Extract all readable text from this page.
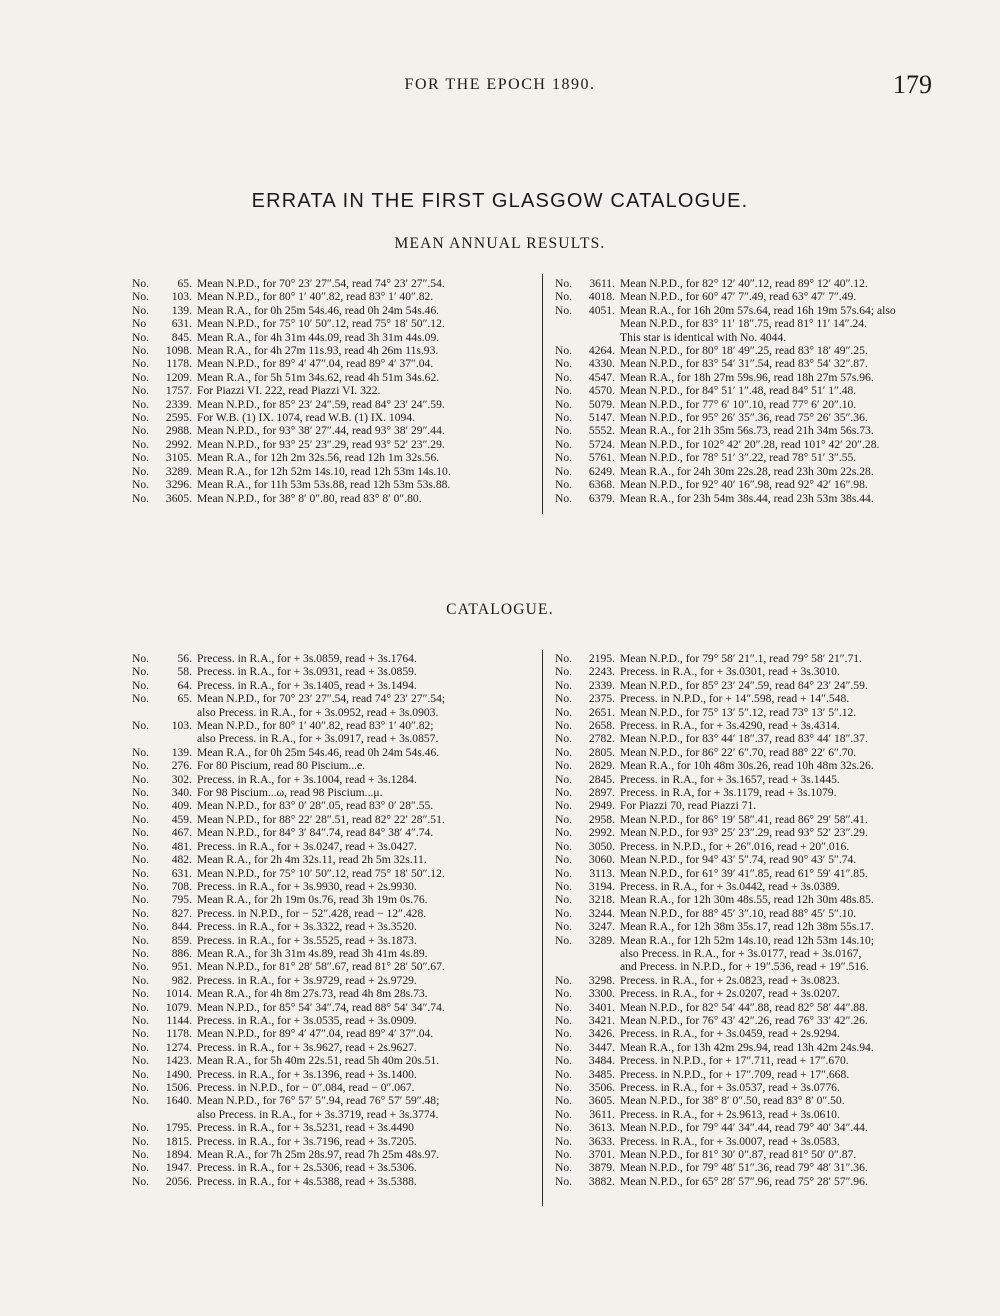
FOR THE EPOCH 1890.	179
ERRATA IN THE FIRST GLASGOW CATALOGUE.
MEAN ANNUAL RESULTS.
No.	65. Mean N.P.D., for 70° 23′ 27″.54, read 74° 23′ 27″.54.
No.	103. Mean N.P.D., for 80° 1′ 40″.82, read 83° 1′ 40″.82.
No.	139. Mean R.A., for 0h 25m 54s.46, read 0h 24m 54s.46.
No	631. Mean N.P.D., for 75° 10′ 50″.12, read 75° 18′ 50″.12.
No.	845. Mean R.A., for 4h 31m 44s.09, read 3h 31m 44s.09.
No.	1098. Mean R.A., for 4h 27m 11s.93, read 4h 26m 11s.93.
No.	1178. Mean N.P.D., for 89° 4′ 47″.04, read 89° 4′ 37″.04.
No.	1209. Mean R.A., for 5h 51m 34s.62, read 4h 51m 34s.62.
No.	1757. For Piazzi VI. 222, read Piazzi VI. 322.
No.	2339. Mean N.P.D., for 85° 23′ 24″.59, read 84° 23′ 24″.59.
No.	2595. For W.B. (1) IX. 1074, read W.B. (1) IX. 1094.
No.	2988. Mean N.P.D., for 93° 38′ 27″.44, read 93° 38′ 29″.44.
No.	2992. Mean N.P.D., for 93° 25′ 23″.29, read 93° 52′ 23″.29.
No.	3105. Mean R.A., for 12h 2m 32s.56, read 12h 1m 32s.56.
No.	3289. Mean R.A., for 12h 52m 14s.10, read 12h 53m 14s.10.
No.	3296. Mean R.A., for 11h 53m 53s.88, read 12h 53m 53s.88.
No.	3605. Mean N.P.D., for 38° 8′ 0″.80, read 83° 8′ 0″.80.
No.	3611. Mean N.P.D., for 82° 12′ 40″.12, read 89° 12′ 40″.12.
No.	4018. Mean N.P.D., for 60° 47′ 7″.49, read 63° 47′ 7″.49.
No.	4051. Mean R.A., for 16h 20m 57s.64, read 16h 19m 57s.64; also
Mean N.P.D., for 83° 11′ 18″.75, read 81° 11′ 14″.24.
This star is identical with No. 4044.
No.	4264. Mean N.P.D., for 80° 18′ 49″.25, read 83° 18′ 49″.25.
No.	4330. Mean N.P.D., for 83° 54′ 31″.54, read 83° 54′ 32″.87.
No.	4547. Mean R.A., for 18h 27m 59s.96, read 18h 27m 57s.96.
No.	4570. Mean N.P.D., for 84° 51′ 1″.48, read 84° 51′ 1″.48.
No.	5079. Mean N.P.D., for 77° 6′ 10″.10, read 77° 6′ 20″.10.
No.	5147. Mean N.P.D., for 95° 26′ 35″.36, read 75° 26′ 35″.36.
No.	5552. Mean R.A., for 21h 35m 56s.73, read 21h 34m 56s.73.
No.	5724. Mean N.P.D., for 102° 42′ 20″.28, read 101° 42′ 20″.28.
No.	5761. Mean N.P.D., for 78° 51′ 3″.22, read 78° 51′ 3″.55.
No.	6249. Mean R.A., for 24h 30m 22s.28, read 23h 30m 22s.28.
No.	6368. Mean N.P.D., for 92° 40′ 16″.98, read 92° 42′ 16″.98.
No.	6379. Mean R.A., for 23h 54m 38s.44, read 23h 53m 38s.44.
CATALOGUE.
No.	56. Precess. in R.A., for + 3s.0859, read + 3s.1764.
No.	58. Precess. in R.A., for + 3s.0931, read + 3s.0859.
No.	64. Precess. in R.A., for + 3s.1405, read + 3s.1494.
No.	65. Mean N.P.D., for 70° 23′ 27″.54, read 74° 23′ 27″.54;
also Precess. in R.A., for + 3s.0952, read + 3s.0903.
No.	103. Mean N.P.D., for 80° 1′ 40″.82, read 83° 1′ 40″.82;
also Precess. in R.A., for + 3s.0917, read + 3s.0857.
No.	139. Mean R.A., for 0h 25m 54s.46, read 0h 24m 54s.46.
No.	276. For 80 Piscium, read 80 Piscium...e.
No.	302. Precess. in R.A., for + 3s.1004, read + 3s.1284.
No.	340. For 98 Piscium...ω, read 98 Piscium...μ.
No.	409. Mean N.P.D., for 83° 0′ 28″.05, read 83° 0′ 28″.55.
No.	459. Mean N.P.D., for 88° 22′ 28″.51, read 82° 22′ 28″.51.
No.	467. Mean N.P.D., for 84° 3′ 84″.74, read 84° 38′ 4″.74.
No.	481. Precess. in R.A., for + 3s.0247, read + 3s.0427.
No.	482. Mean R.A., for 2h 4m 32s.11, read 2h 5m 32s.11.
No.	631. Mean N.P.D., for 75° 10′ 50″.12, read 75° 18′ 50″.12.
No.	708. Precess. in R.A., for + 3s.9930, read + 2s.9930.
No.	795. Mean R.A., for 2h 19m 0s.76, read 3h 19m 0s.76.
No.	827. Precess. in N.P.D., for − 52″.428, read − 12″.428.
No.	844. Precess. in R.A., for + 3s.3322, read + 3s.3520.
No.	859. Precess. in R.A., for + 3s.5525, read + 3s.1873.
No.	886. Mean R.A., for 3h 31m 4s.89, read 3h 41m 4s.89.
No.	951. Mean N.P.D., for 81° 28′ 58″.67, read 81° 28′ 50″.67.
No.	982. Precess. in R.A., for + 3s.9729, read + 2s.9729.
No.	1014. Mean R.A., for 4h 8m 27s.73, read 4h 8m 28s.73.
No.	1079. Mean N.P.D., for 85° 54′ 34″.74, read 88° 54′ 34″.74.
No.	1144. Precess. in R.A., for + 3s.0535, read + 3s.0909.
No.	1178. Mean N.P.D., for 89° 4′ 47″.04, read 89° 4′ 37″.04.
No.	1274. Precess. in R.A., for + 3s.9627, read + 2s.9627.
No.	1423. Mean R.A., for 5h 40m 22s.51, read 5h 40m 20s.51.
No.	1490. Precess. in R.A., for + 3s.1396, read + 3s.1400.
No.	1506. Precess. in N.P.D., for − 0″.084, read − 0″.067.
No.	1640. Mean N.P.D., for 76° 57′ 5″.94, read 76° 57′ 59″.48;
also Precess. in R.A., for + 3s.3719, read + 3s.3774.
No.	1795. Precess. in R.A., for + 3s.5231, read + 3s.4490
No.	1815. Precess. in R.A., for + 3s.7196, read + 3s.7205.
No.	1894. Mean R.A., for 7h 25m 28s.97, read 7h 25m 48s.97.
No.	1947. Precess. in R.A., for + 2s.5306, read + 3s.5306.
No.	2056. Precess. in R.A., for + 4s.5388, read + 3s.5388.
No.	2195. Mean N.P.D., for 79° 58′ 21″.1, read 79° 58′ 21″.71.
No.	2243. Precess. in R.A., for + 3s.0301, read + 3s.3010.
No.	2339. Mean N.P.D., for 85° 23′ 24″.59, read 84° 23′ 24″.59.
No.	2375. Precess. in N.P.D., for + 14″.598, read + 14″.548.
No.	2651. Mean N.P.D., for 75° 13′ 5″.12, read 73° 13′ 5″.12.
No.	2658. Precess. in R.A., for + 3s.4290, read + 3s.4314.
No.	2782. Mean N.P.D., for 83° 44′ 18″.37, read 83° 44′ 18″.37.
No.	2805. Mean N.P.D., for 86° 22′ 6″.70, read 88° 22′ 6″.70.
No.	2829. Mean R.A., for 10h 48m 30s.26, read 10h 48m 32s.26.
No.	2845. Precess. in R.A., for + 3s.1657, read + 3s.1445.
No.	2897. Precess. in R.A, for + 3s.1179, read + 3s.1079.
No.	2949. For Piazzi 70, read Piazzi 71.
No.	2958. Mean N.P.D., for 86° 19′ 58″.41, read 86° 29′ 58″.41.
No.	2992. Mean N.P.D., for 93° 25′ 23″.29, read 93° 52′ 23″.29.
No.	3050. Precess. in N.P.D., for + 26″.016, read + 20″.016.
No.	3060. Mean N.P.D., for 94° 43′ 5″.74, read 90° 43′ 5″.74.
No.	3113. Mean N.P.D., for 61° 39′ 41″.85, read 61° 59′ 41″.85.
No.	3194. Precess. in R.A., for + 3s.0442, read + 3s.0389.
No.	3218. Mean R.A., for 12h 30m 48s.55, read 12h 30m 48s.85.
No.	3244. Mean N.P.D., for 88° 45′ 3″.10, read 88° 45′ 5″.10.
No.	3247. Mean R.A., for 12h 38m 35s.17, read 12h 38m 55s.17.
No.	3289. Mean R.A., for 12h 52m 14s.10, read 12h 53m 14s.10;
also Precess. in R.A., for + 3s.0177, read + 3s.0167,
and Precess. in N.P.D., for + 19″.536, read + 19″.516.
No.	3298. Precess. in R.A., for + 2s.0823, read + 3s.0823.
No.	3300. Precess. in R.A., for + 2s.0207, read + 3s.0207.
No.	3401. Mean N.P.D., for 82° 54′ 44″.88, read 82° 58′ 44″.88.
No.	3421. Mean N.P.D., for 76° 43′ 42″.26, read 76° 33′ 42″.26.
No.	3426. Precess. in R.A., for + 3s.0459, read + 2s.9294.
No.	3447. Mean R.A., for 13h 42m 29s.94, read 13h 42m 24s.94.
No.	3484. Precess. in N.P.D., for + 17″.711, read + 17″.670.
No.	3485. Precess. in N.P.D., for + 17″.709, read + 17″.668.
No.	3506. Precess. in R.A., for + 3s.0537, read + 3s.0776.
No.	3605. Mean N.P.D., for 38° 8′ 0″.50, read 83° 8′ 0″.50.
No.	3611. Precess. in R.A., for + 2s.9613, read + 3s.0610.
No.	3613. Mean N.P.D., for 79° 44′ 34″.44, read 79° 40′ 34″.44.
No.	3633. Precess. in R.A., for + 3s.0007, read + 3s.0583.
No.	3701. Mean N.P.D., for 81° 30′ 0″.87, read 81° 50′ 0″.87.
No.	3879. Mean N.P.D., for 79° 48′ 51″.36, read 79° 48′ 31″.36.
No.	3882. Mean N.P.D., for 65° 28′ 57″.96, read 75° 28′ 57″.96.
